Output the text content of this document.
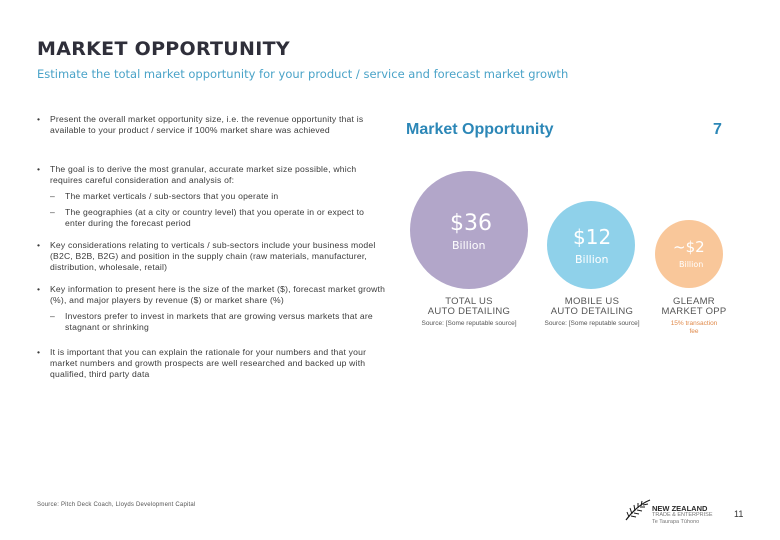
MARKET OPPORTUNITY
Estimate the total market opportunity for your product / service and forecast market growth
• Present the overall market opportunity size, i.e. the revenue opportunity that is available to your product / service if 100% market share was achieved
• The goal is to derive the most granular, accurate market size possible, which requires careful consideration and analysis of:
– The market verticals / sub-sectors that you operate in
– The geographies (at a city or country level) that you operate in or expect to enter during the forecast period
• Key considerations relating to verticals / sub-sectors include your business model (B2C, B2B, B2G) and position in the supply chain (raw materials, manufacturer, distribution, wholesale, retail)
• Key information to present here is the size of the market ($), forecast market growth (%), and major players by revenue ($) or market share (%)
– Investors prefer to invest in markets that are growing versus markets that are stagnant or shrinking
• It is important that you can explain the rationale for your numbers and that your market numbers and growth prospects are well researched and backed up with qualified, third party data
Market Opportunity	7
$36
Billion	$12
Billion
~$2
Billion
TOTAL US
AUTO DETAILING
Source: [Some reputable source]
MOBILE US
AUTO DETAILING
Source: [Some reputable source]
GLEAMR
MARKET OPP
15% transaction
fee
Source: Pitch Deck Coach, Lloyds Development Capital	NEW ZEALAND
TRADE & ENTERPRISE
Te Taurapa Tūhono
11
